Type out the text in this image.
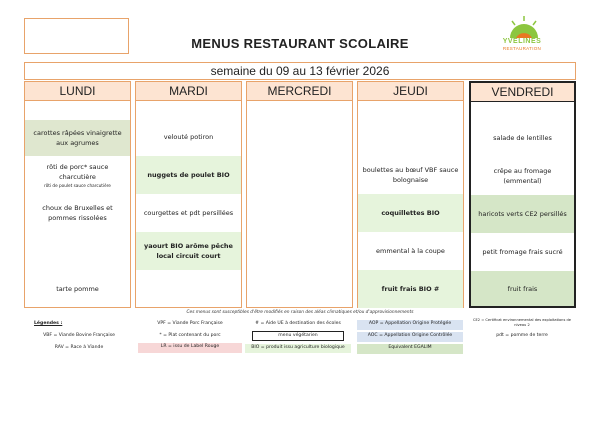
MENUS RESTAURANT SCOLAIRE	YVELINES
RESTAURATION
semaine du 09 au 13 février 2026
LUNDI
carottes râpées vinaigrette aux agrumes
rôti de porc* sauce charcutière
rôti de poulet sauce charcutière
choux de Bruxelles et pommes rissolées
tarte pomme
MARDI
velouté potiron
nuggets de poulet BIO
courgettes et pdt persillées
yaourt BIO arôme pêche local circuit court
MERCREDI	JEUDI
boulettes au bœuf VBF sauce bolognaise
coquillettes BIO
emmental à la coupe
fruit frais BIO #
VENDREDI
salade de lentilles
crêpe au fromage (emmental)
haricots verts CE2 persillés
petit fromage frais sucré
fruit frais
Ces menus sont susceptibles d'être modifiés en raison des aléas climatiques et/ou d'approvisionnements
Légendes :
VBF = Viande Bovine Française
RAV = Race à Viande
VPF = Viande Porc Française
* = Plat contenant du porc
LR = issu de Label Rouge
# = Aide UE à destination des écoles
menu végétarien
BIO = produit issu agriculture biologique
AOP = Appellation Origine Protégée
AOC = Appellation Origine Contrôlée
Equivalent EGALIM
CE2 = Certificat environnemental des exploitations de niveau 2
pdt = pomme de terre
